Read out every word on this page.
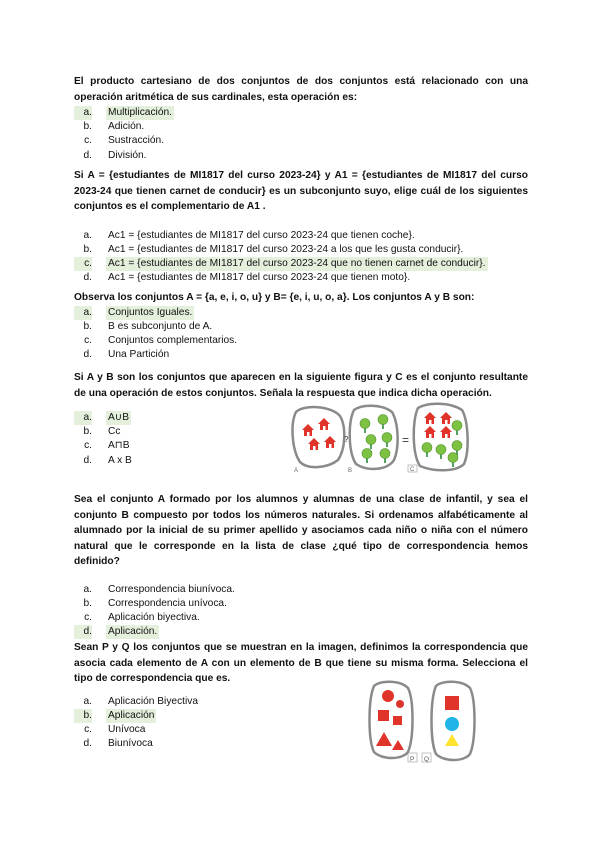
El producto cartesiano de dos conjuntos de dos conjuntos está relacionado con una operación aritmética de sus cardinales, esta operación es:
a. Multiplicación.
b. Adición.
c. Sustracción.
d. División.
Si A = {estudiantes de MI1817 del curso 2023-24} y A1 = {estudiantes de MI1817 del curso 2023-24 que tienen carnet de conducir} es un subconjunto suyo, elige cuál de los siguientes conjuntos es el complementario de A1 .
a. Ac1 = {estudiantes de MI1817 del curso 2023-24 que tienen coche}.
b. Ac1 = {estudiantes de MI1817 del curso 2023-24 a los que les gusta conducir}.
c. Ac1 = {estudiantes de MI1817 del curso 2023-24 que no tienen carnet de conducir}.
d. Ac1 = {estudiantes de MI1817 del curso 2023-24 que tienen moto}.
Observa los conjuntos A = {a, e, i, o, u} y B= {e, i, u, o, a}. Los conjuntos A y B son:
a. Conjuntos Iguales.
b. B es subconjunto de A.
c. Conjuntos complementarios.
d. Una Partición
Si A y B son los conjuntos que aparecen en la siguiente figura y C es el conjunto resultante de una operación de estos conjuntos. Señala la respuesta que indica dicha operación.
a. A∪B
b. Cc
c. A⊓B
d. A x B
A
?
B
=
C
Sea el conjunto A formado por los alumnos y alumnas de una clase de infantil, y sea el conjunto B compuesto por todos los números naturales. Si ordenamos alfabéticamente al alumnado por la inicial de su primer apellido y asociamos cada niño o niña con el número natural que le corresponde en la lista de clase ¿qué tipo de correspondencia hemos definido?
a. Correspondencia biunívoca.
b. Correspondencia unívoca.
c. Aplicación biyectiva.
d. Aplicación.
Sean P y Q los conjuntos que se muestran en la imagen, definimos la correspondencia que asocia cada elemento de A con un elemento de B que tiene su misma forma. Selecciona el tipo de correspondencia que es.
a. Aplicación Biyectiva
b. Aplicación
c. Unívoca
d. Biunívoca
P Q
